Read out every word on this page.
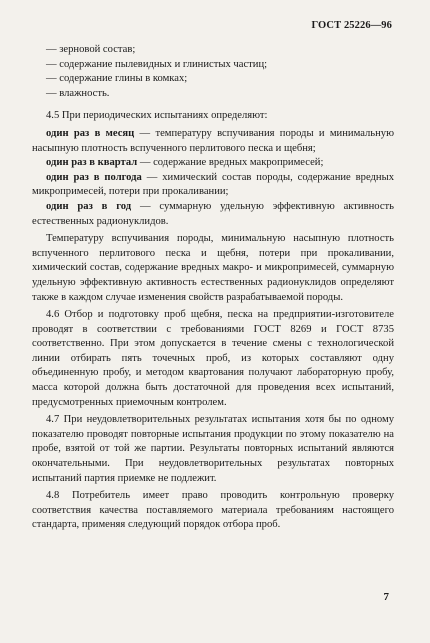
ГОСТ 25226—96

— зерновой состав;

— содержание пылевидных и глинистых частиц;

— содержание глины в комках;

— влажность.

4.5 При периодических испытаниях определяют:

один раз в месяц — температуру вспучивания породы и минимальную насыпную плотность вспученного перлитового песка и щебня;

один раз в квартал — содержание вредных макропримесей;

один раз в полгода — химический состав породы, содержание вредных микропримесей, потери при прокаливании;

один раз в год — суммарную удельную эффективную активность естественных радионуклидов.

Температуру вспучивания породы, минимальную насыпную плотность вспученного перлитового песка и щебня, потери при прокаливании, химический состав, содержание вредных макро- и микропримесей, суммарную удельную эффективную активность естественных радионуклидов определяют также в каждом случае изменения свойств разрабатываемой породы.

4.6 Отбор и подготовку проб щебня, песка на предприятии-изготовителе проводят в соответствии с требованиями ГОСТ 8269 и ГОСТ 8735 соответственно. При этом допускается в течение смены с технологической линии отбирать пять точечных проб, из которых составляют одну объединенную пробу, и методом квартования получают лабораторную пробу, масса которой должна быть достаточной для проведения всех испытаний, предусмотренных приемочным контролем.

4.7 При неудовлетворительных результатах испытания хотя бы по одному показателю проводят повторные испытания продукции по этому показателю на пробе, взятой от той же партии. Результаты повторных испытаний являются окончательными. При неудовлетворительных результатах повторных испытаний партия приемке не подлежит.

4.8 Потребитель имеет право проводить контрольную проверку соответствия качества поставляемого материала требованиям настоящего стандарта, применяя следующий порядок отбора проб.

7
